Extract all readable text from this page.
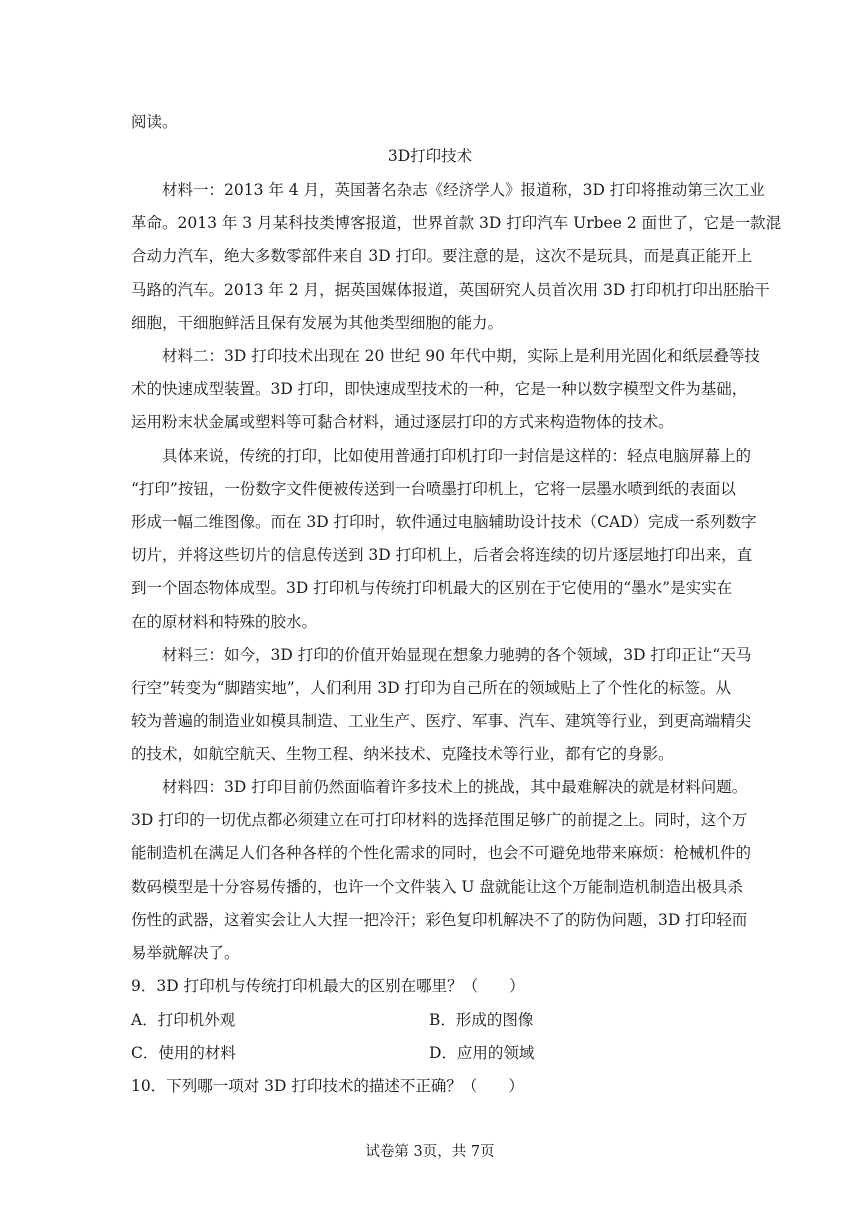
阅读。
3D打印技术
材料一：2013 年 4 月，英国著名杂志《经济学人》报道称，3D 打印将推动第三次工业
革命。2013 年 3 月某科技类博客报道，世界首款 3D 打印汽车 Urbee 2 面世了，它是一款混
合动力汽车，绝大多数零部件来自 3D 打印。要注意的是，这次不是玩具，而是真正能开上
马路的汽车。2013 年 2 月，据英国媒体报道，英国研究人员首次用 3D 打印机打印出胚胎干
细胞，干细胞鲜活且保有发展为其他类型细胞的能力。
材料二：3D 打印技术出现在 20 世纪 90 年代中期，实际上是利用光固化和纸层叠等技
术的快速成型装置。3D 打印，即快速成型技术的一种，它是一种以数字模型文件为基础，
运用粉末状金属或塑料等可黏合材料，通过逐层打印的方式来构造物体的技术。
具体来说，传统的打印，比如使用普通打印机打印一封信是这样的：轻点电脑屏幕上的
“打印”按钮，一份数字文件便被传送到一台喷墨打印机上，它将一层墨水喷到纸的表面以
形成一幅二维图像。而在 3D 打印时，软件通过电脑辅助设计技术（CAD）完成一系列数字
切片，并将这些切片的信息传送到 3D 打印机上，后者会将连续的切片逐层地打印出来，直
到一个固态物体成型。3D 打印机与传统打印机最大的区别在于它使用的“墨水”是实实在
在的原材料和特殊的胶水。
材料三：如今，3D 打印的价值开始显现在想象力驰骋的各个领域，3D 打印正让“天马
行空”转变为“脚踏实地”，人们利用 3D 打印为自己所在的领域贴上了个性化的标签。从
较为普遍的制造业如模具制造、工业生产、医疗、军事、汽车、建筑等行业，到更高端精尖
的技术，如航空航天、生物工程、纳米技术、克隆技术等行业，都有它的身影。
材料四：3D 打印目前仍然面临着许多技术上的挑战，其中最难解决的就是材料问题。
3D 打印的一切优点都必须建立在可打印材料的选择范围足够广的前提之上。同时，这个万
能制造机在满足人们各种各样的个性化需求的同时，也会不可避免地带来麻烦：枪械机件的
数码模型是十分容易传播的，也许一个文件装入 U 盘就能让这个万能制造机制造出极具杀
伤性的武器，这着实会让人大捏一把冷汗；彩色复印机解决不了的防伪问题，3D 打印轻而
易举就解决了。
9．3D 打印机与传统打印机最大的区别在哪里？（　　）
A．打印机外观	B．形成的图像
C．使用的材料	D．应用的领域
10．下列哪一项对 3D 打印技术的描述不正确？（　　）
试卷第 3页，共 7页
